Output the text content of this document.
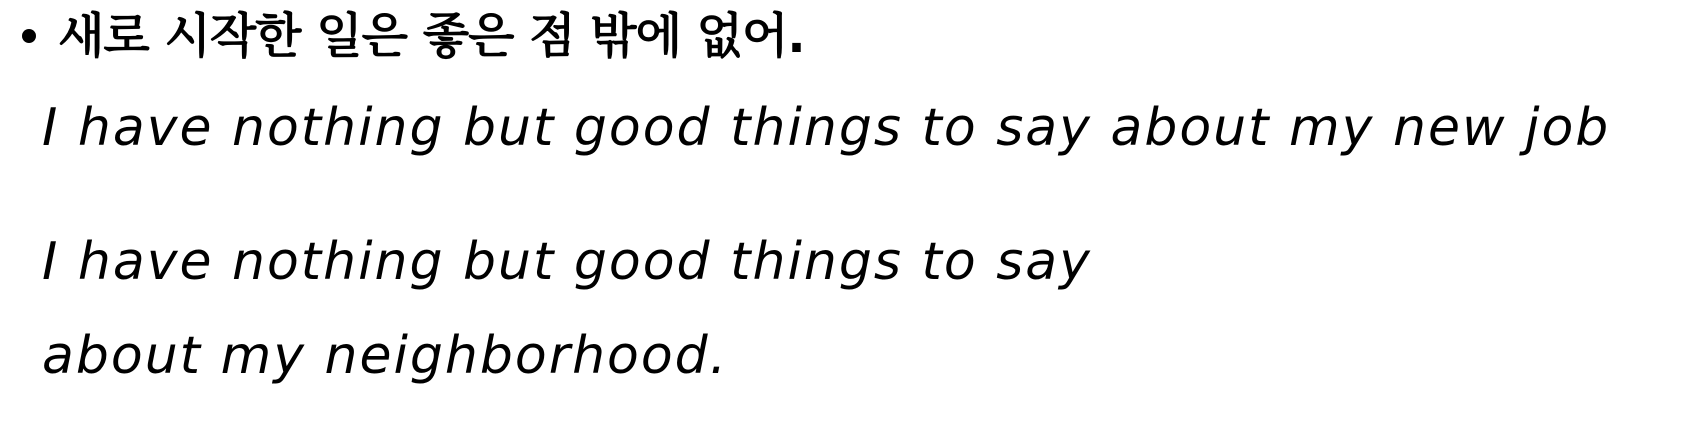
새로 시작한 일은 좋은 점 밖에 없어.
I have nothing but good things to say about my new job
I have nothing but good things to say
about my neighborhood.
